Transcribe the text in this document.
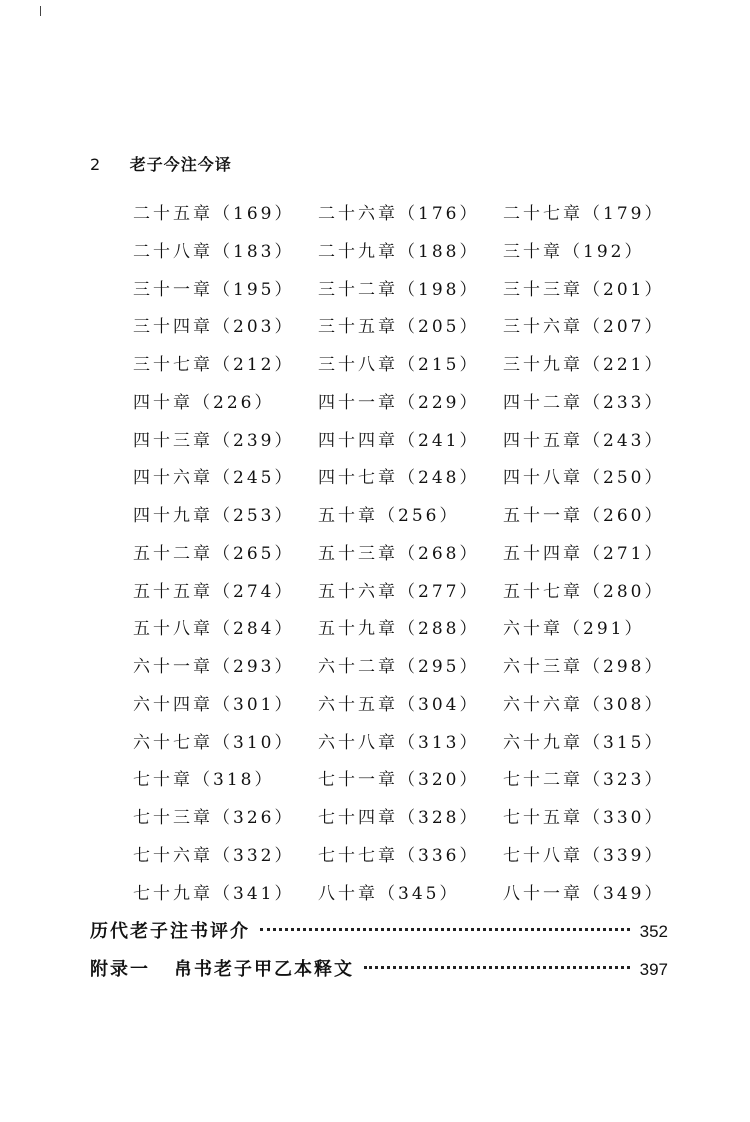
2 老子今注今译
二十五章（169）	二十六章（176）	二十七章（179）
二十八章（183）	二十九章（188）	三十章（192）
三十一章（195）	三十二章（198）	三十三章（201）
三十四章（203）	三十五章（205）	三十六章（207）
三十七章（212）	三十八章（215）	三十九章（221）
四十章（226）	四十一章（229）	四十二章（233）
四十三章（239）	四十四章（241）	四十五章（243）
四十六章（245）	四十七章（248）	四十八章（250）
四十九章（253）	五十章（256）	五十一章（260）
五十二章（265）	五十三章（268）	五十四章（271）
五十五章（274）	五十六章（277）	五十七章（280）
五十八章（284）	五十九章（288）	六十章（291）
六十一章（293）	六十二章（295）	六十三章（298）
六十四章（301）	六十五章（304）	六十六章（308）
六十七章（310）	六十八章（313）	六十九章（315）
七十章（318）	七十一章（320）	七十二章（323）
七十三章（326）	七十四章（328）	七十五章（330）
七十六章（332）	七十七章（336）	七十八章（339）
七十九章（341）	八十章（345）	八十一章（349）
历代老子注书评介	352
附录一 帛书老子甲乙本释文	397
